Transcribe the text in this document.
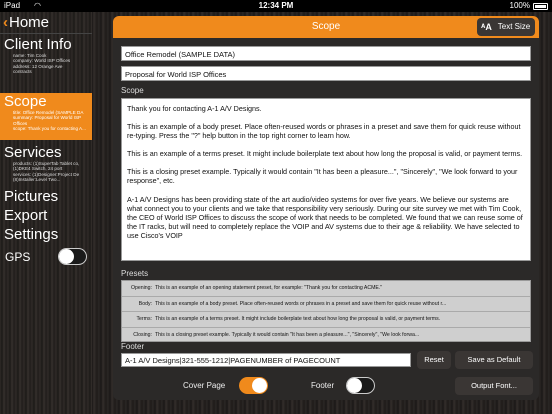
iPad ◠	12:34 PM	100%
‹Home
Client Info
name: Tim Cook
company: World ISP Offices
address: 12 Orange Ave
contracts
Scope
title: Office Remodel (SAMPLE DA
summary: Proposal for World ISP
Offices
scope: Thank you for contacting A...
Services
products: (1)SuperTab Tablet co,
(1)DKE4 Switch, 24 port
services: (1)Designer:Project De
(8)Installer:Level Two...
Pictures
Export
Settings
GPS
Scope	ᴬA Text Size
Office Remodel (SAMPLE DATA)
Proposal for World ISP Offices
Scope

Thank you for contacting A-1 A/V Designs.

This is an example of a body preset. Place often-reused words or phrases in a preset and save them for quick reuse without re-typing. Press the "?" help button in the top right corner to learn how.

This is an example of a terms preset. It might include boilerplate text about how long the proposal is valid, or payment terms.

This is a closing preset example. Typically it would contain "It has been a pleasure...", "Sincerely", "We look forward to your response", etc.

A-1 A/V Designs has been providing state of the art audio/video systems for over five years. We believe our systems are what connect you to your clients and we take that responsibility very seriously. During our site survey we met with Tim Cook, the CEO of World ISP Offices to discuss the scope of work that needs to be completed. We found that we can reuse some of the IT racks, but will need to completely replace the VOIP and AV systems due to their age & reliability. We have selected to use Cisco's VOIP

Presets
Opening: This is an example of an opening statement preset, for example: "Thank you for contacting ACME."
Body: This is an example of a body preset. Place often-reused words or phrases in a preset and save them for quick reuse without r...
Terms: This is an example of a terms preset. It might include boilerplate text about how long the proposal is valid, or payment terms.
Closing: This is a closing preset example. Typically it would contain "It has been a pleasure...", "Sincerely", "We look forwa...
Footer
A-1 A/V Designs|321-555-1212|PAGENUMBER of PAGECOUNT	Reset	Save as Default
Cover Page	Footer	Output Font...
